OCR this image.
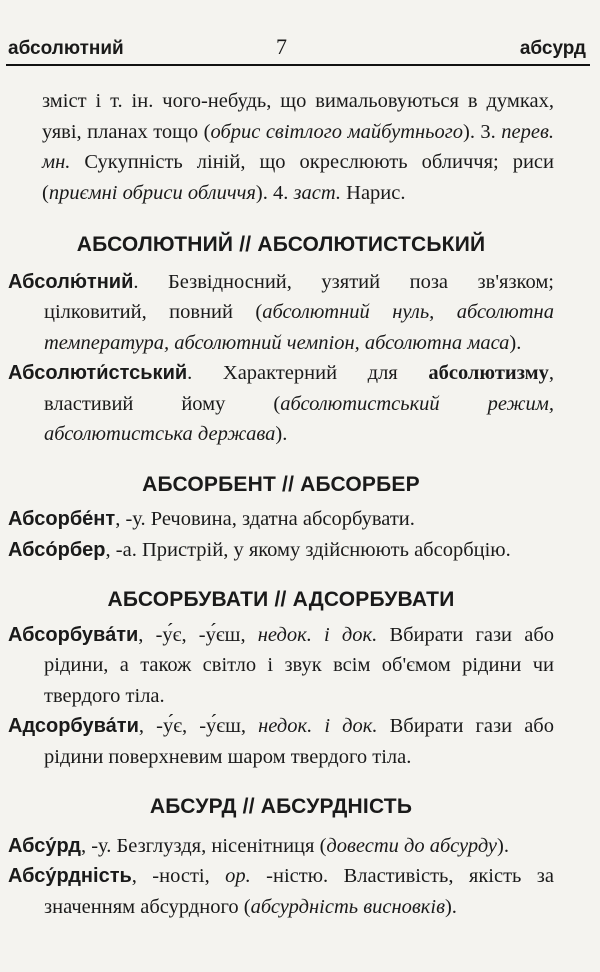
абсолютний	7	абсурд

зміст і т. ін. чого-небудь, що вимальовуються в думках, уяві, планах тощо (обрис світлого майбутнього). 3. перев. мн. Сукупність ліній, що окреслюють обличчя; риси (приємні обриси обличчя). 4. заст. Нарис.

АБСОЛЮТНИЙ // АБСОЛЮТИСТСЬКИЙ

Абсолю́тний. Безвідносний, узятий поза зв'язком; цілковитий, повний (абсолютний нуль, абсолютна температура, абсолютний чемпіон, абсолютна маса).

Абсолюти́стський. Характерний для абсолютизму, властивий йому (абсолютистський режим, абсолютистська держава).

АБСОРБЕНТ // АБСОРБЕР

Абсорбе́нт, -у. Речовина, здатна абсорбувати.

Абсо́рбер, -а. Пристрій, у якому здійснюють абсорбцію.

АБСОРБУВАТИ // АДСОРБУВАТИ

Абсорбува́ти, -у́є, -у́єш, недок. і док. Вбирати гази або рідини, а також світло і звук всім об'ємом рідини чи твердого тіла.

Адсорбува́ти, -у́є, -у́єш, недок. і док. Вбирати гази або рідини поверхневим шаром твердого тіла.

АБСУРД // АБСУРДНІСТЬ

Абсу́рд, -у. Безглуздя, нісенітниця (довести до абсурду).

Абсу́рдність, -ності, ор. -ністю. Властивість, якість за значенням абсурдного (абсурдність висновків).
